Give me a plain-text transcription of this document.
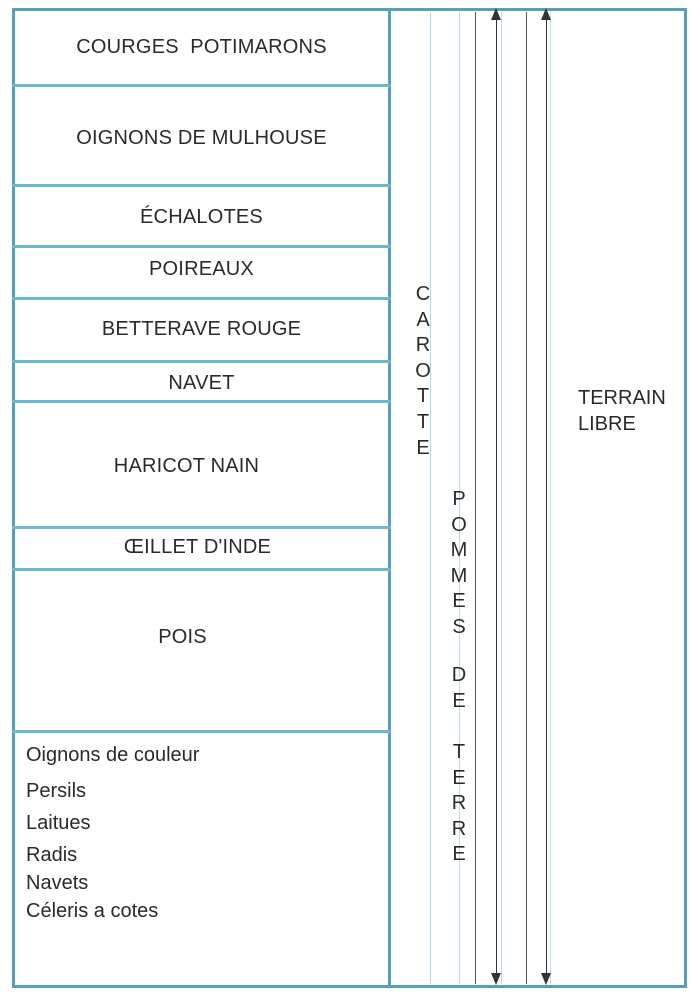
COURGES  POTIMARONS
OIGNONS DE MULHOUSE
ÉCHALOTES
POIREAUX
BETTERAVE ROUGE
NAVET
HARICOT NAIN
ŒILLET D'INDE
POIS
Oignons de couleur
Persils
Laitues
Radis
Navets
Céleris a cotes
C
A
R
O
T
T
E
P
O
M
M
E
S
D
E
T
E
R
R
E
TERRAIN
LIBRE
